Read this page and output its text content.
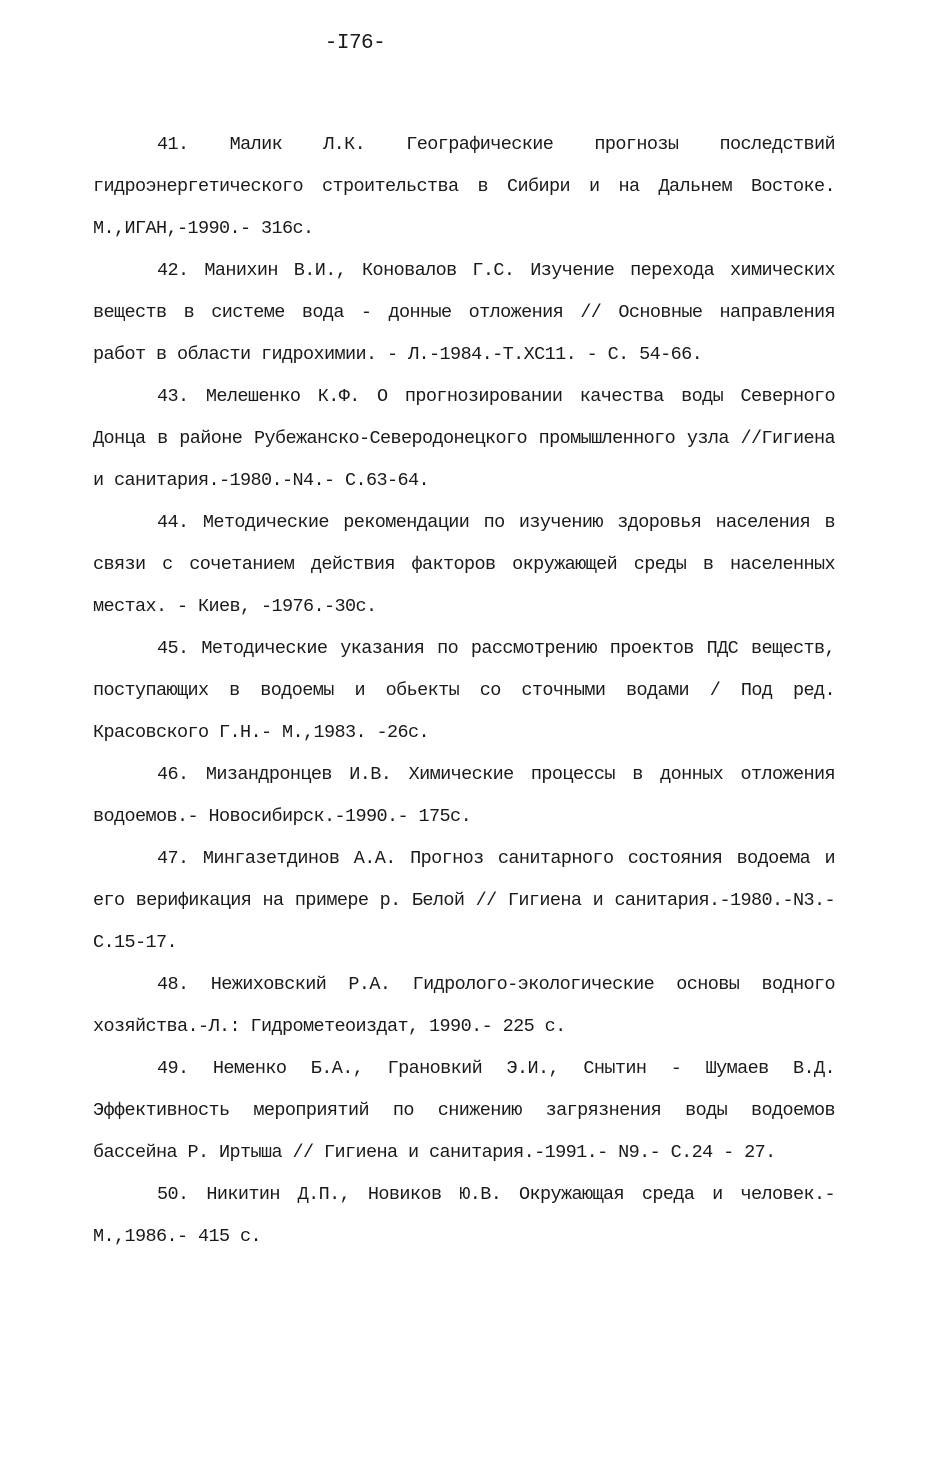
-I76-

41. Малик Л.К. Географические прогнозы последствий гидроэнергетического строительства в Сибири и на Дальнем Востоке. М.,ИГАН,-1990.- 316с.

42. Манихин В.И., Коновалов Г.С. Изучение перехода химических веществ в системе вода - донные отложения // Основные направления работ в области гидрохимии. - Л.-1984.-Т.ХС11. - С. 54-66.

43. Мелешенко К.Ф. О прогнозировании качества воды Северного Донца в районе Рубежанско-Северодонецкого промышленного узла //Гигиена и санитария.-1980.-N4.- С.63-64.

44. Методические рекомендации по изучению здоровья населения в связи с сочетанием действия факторов окружающей среды в населенных местах. - Киев, -1976.-30с.

45. Методические указания по рассмотрению проектов ПДС веществ, поступающих в водоемы и обьекты со сточными водами / Под ред. Красовского Г.Н.- М.,1983. -26с.

46. Мизандронцев И.В. Химические процессы в донных отложения водоемов.- Новосибирск.-1990.- 175с.

47. Мингазетдинов А.А. Прогноз санитарного состояния водоема и его верификация на примере р. Белой // Гигиена и санитария.-1980.-N3.-С.15-17.

48. Нежиховский Р.А. Гидролого-экологические основы водного хозяйства.-Л.: Гидрометеоиздат, 1990.- 225 с.

49. Неменко Б.А., Грановкий Э.И., Снытин - Шумаев В.Д. Эффективность мероприятий по снижению загрязнения воды водоемов бассейна Р. Иртыша // Гигиена и санитария.-1991.- N9.- С.24 - 27.

50. Никитин Д.П., Новиков Ю.В. Окружающая среда и человек.-М.,1986.- 415 с.
